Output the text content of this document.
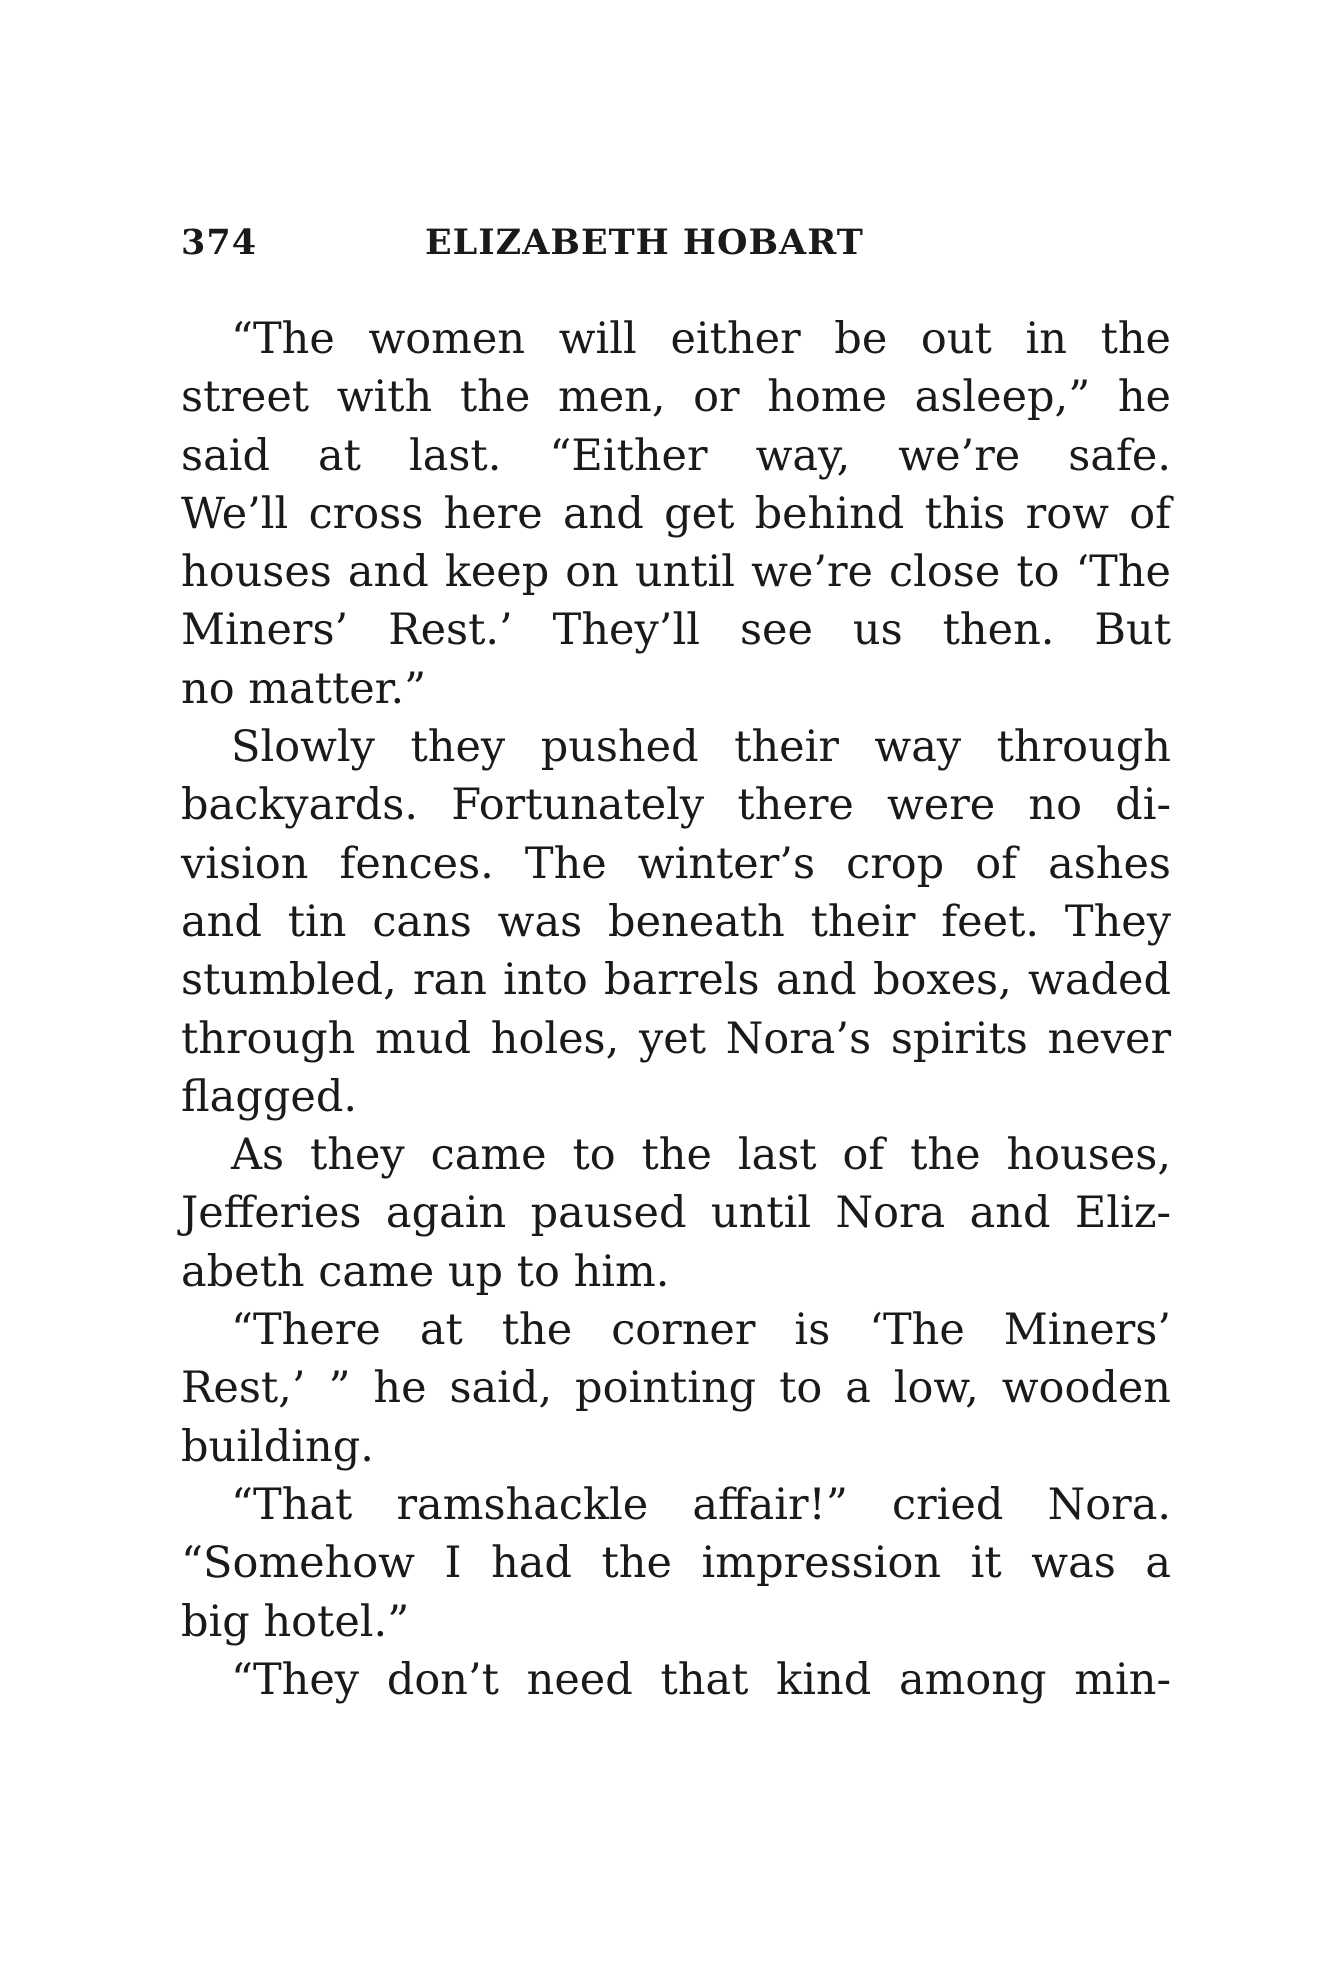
374	ELIZABETH HOBART
“The women will either be out in the
street with the men, or home asleep,” he
said at last. “Either way, we’re safe.
We’ll cross here and get behind this row of
houses and keep on until we’re close to ‘The
Miners’ Rest.’ They’ll see us then. But
no matter.”
Slowly they pushed their way through
backyards. Fortunately there were no di-
vision fences. The winter’s crop of ashes
and tin cans was beneath their feet. They
stumbled, ran into barrels and boxes, waded
through mud holes, yet Nora’s spirits never
flagged.
As they came to the last of the houses,
Jefferies again paused until Nora and Eliz-
abeth came up to him.
“There at the corner is ‘The Miners’
Rest,’ ” he said, pointing to a low, wooden
building.
“That ramshackle affair!” cried Nora.
“Somehow I had the impression it was a
big hotel.”
“They don’t need that kind among min-
